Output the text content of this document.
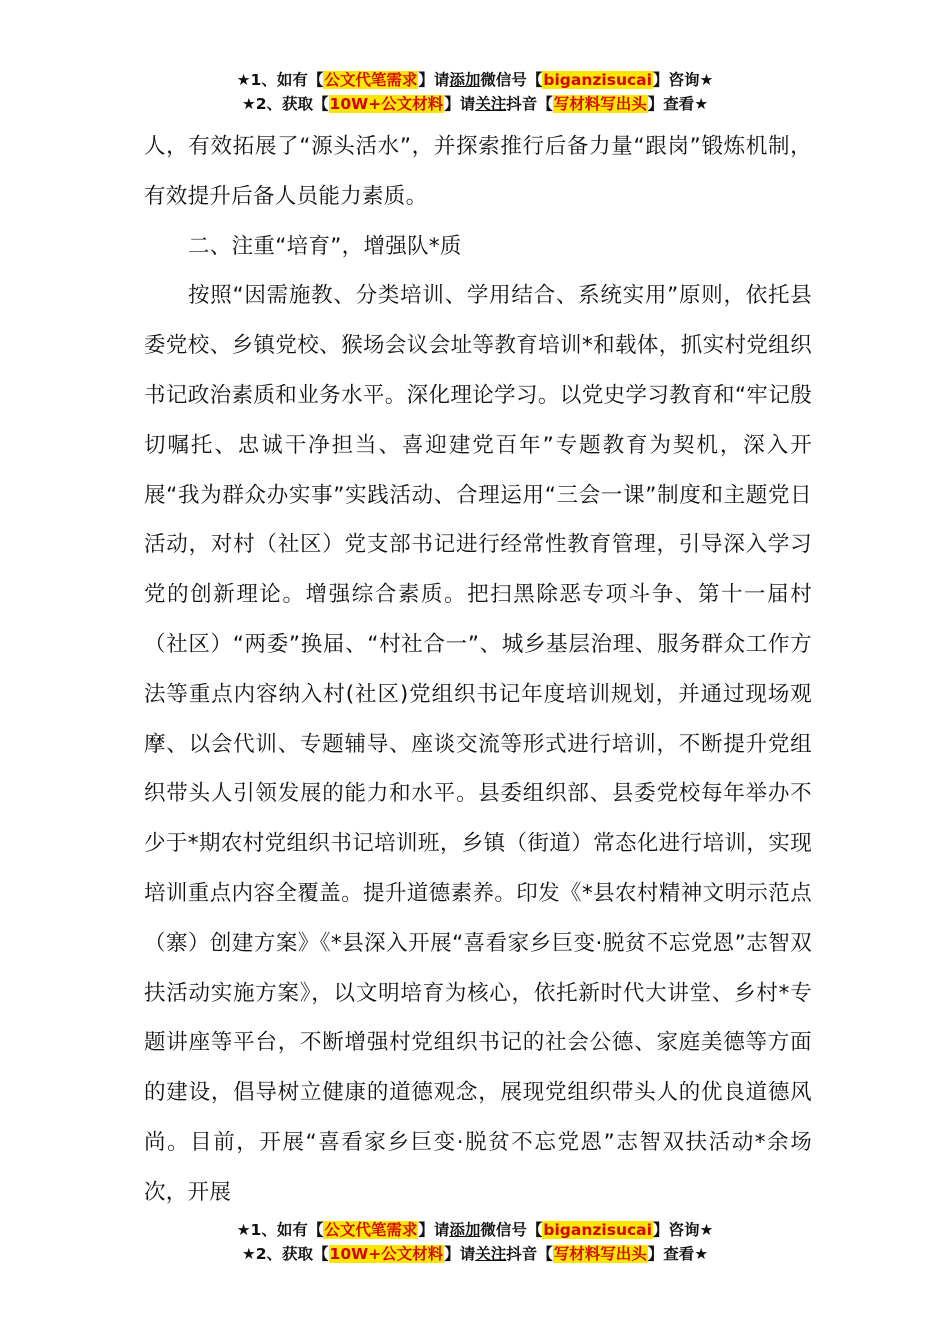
★1、如有【公文代笔需求】请添加微信号【biganzisucai】咨询★
★2、获取【10W+公文材料】请关注抖音【写材料写出头】查看★

人，有效拓展了“源头活水”，并探索推行后备力量“跟岗”锻炼机制，有效提升后备人员能力素质。

二、注重“培育”，增强队*质

按照“因需施教、分类培训、学用结合、系统实用”原则，依托县委党校、乡镇党校、猴场会议会址等教育培训*和载体，抓实村党组织书记政治素质和业务水平。深化理论学习。以党史学习教育和“牢记殷切嘱托、忠诚干净担当、喜迎建党百年”专题教育为契机，深入开展“我为群众办实事”实践活动、合理运用“三会一课”制度和主题党日活动，对村（社区）党支部书记进行经常性教育管理，引导深入学习党的创新理论。增强综合素质。把扫黑除恶专项斗争、第十一届村（社区）“两委”换届、“村社合一”、城乡基层治理、服务群众工作方法等重点内容纳入村(社区)党组织书记年度培训规划，并通过现场观摩、以会代训、专题辅导、座谈交流等形式进行培训，不断提升党组织带头人引领发展的能力和水平。县委组织部、县委党校每年举办不少于*期农村党组织书记培训班，乡镇（街道）常态化进行培训，实现培训重点内容全覆盖。提升道德素养。印发《*县农村精神文明示范点（寨）创建方案》《*县深入开展“喜看家乡巨变·脱贫不忘党恩”志智双扶活动实施方案》，以文明培育为核心，依托新时代大讲堂、乡村*专题讲座等平台，不断增强村党组织书记的社会公德、家庭美德等方面的建设，倡导树立健康的道德观念，展现党组织带头人的优良道德风尚。目前，开展“喜看家乡巨变·脱贫不忘党恩”志智双扶活动*余场次，开展

★1、如有【公文代笔需求】请添加微信号【biganzisucai】咨询★
★2、获取【10W+公文材料】请关注抖音【写材料写出头】查看★
